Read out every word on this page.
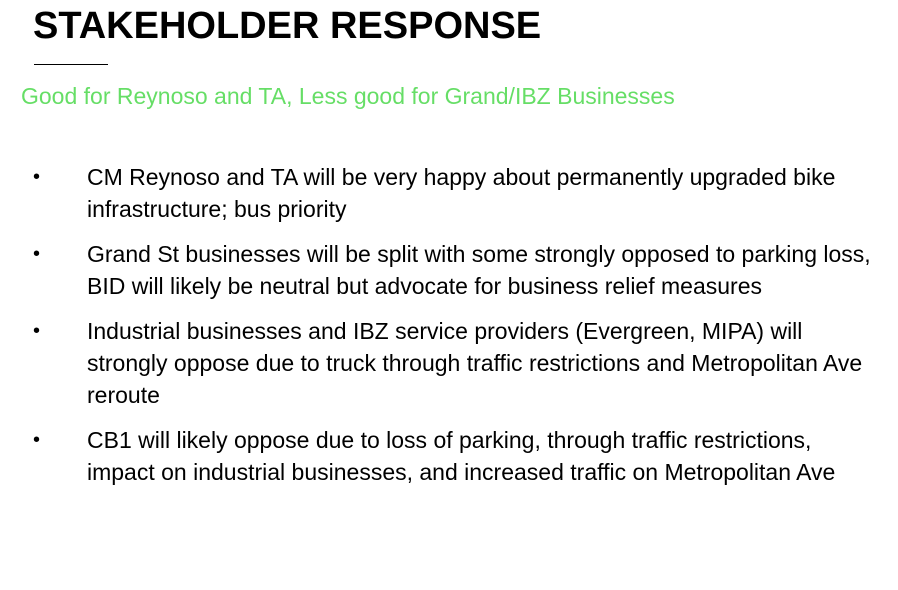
STAKEHOLDER RESPONSE

Good for Reynoso and TA, Less good for Grand/IBZ Businesses

• CM Reynoso and TA will be very happy about permanently upgraded bike infrastructure; bus priority
• Grand St businesses will be split with some strongly opposed to parking loss, BID will likely be neutral but advocate for business relief measures
• Industrial businesses and IBZ service providers (Evergreen, MIPA) will strongly oppose due to truck through traffic restrictions and Metropolitan Ave reroute
• CB1 will likely oppose due to loss of parking, through traffic restrictions, impact on industrial businesses, and increased traffic on Metropolitan Ave
